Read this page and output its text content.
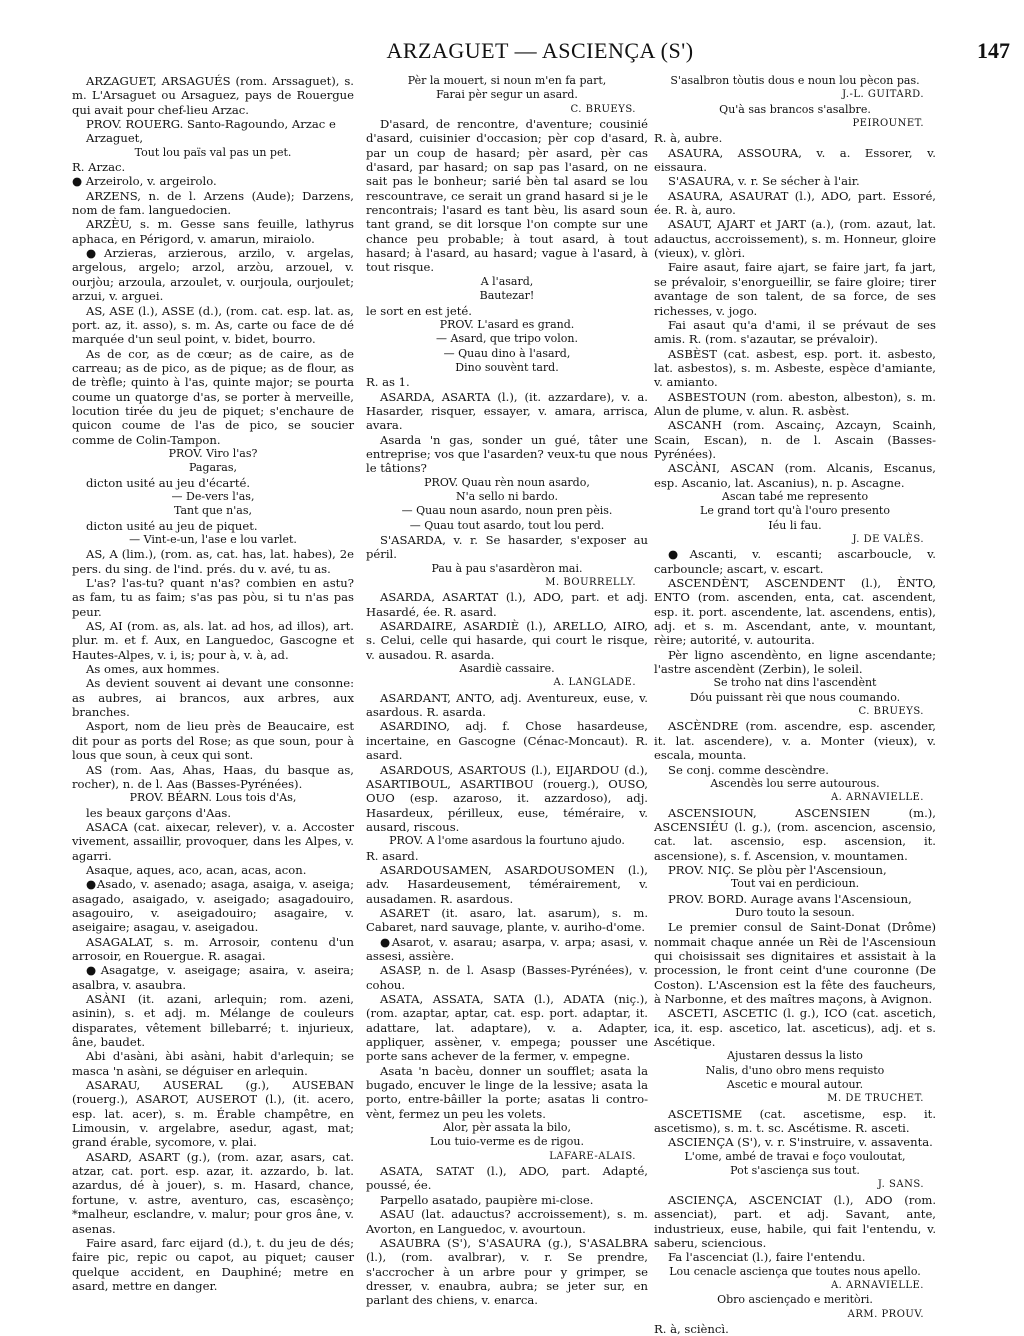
ARZAGUET — ASCIENÇA (S')	147

ARZAGUET, ARSAGUÉS (rom. Arssaguet), s. m. L'Arsaguet ou Arsaguez, pays de Rouergue qui avait pour chef-lieu Arzac.

PROV. ROUERG. Santo-Ragoundo, Arzac e Arzaguet,

Tout lou païs val pas un pet.

R. Arzac.

● Arzeirolo, v. argeirolo.

ARZENS, n. de l. Arzens (Aude); Darzens, nom de fam. languedocien.

ARZÈU, s. m. Gesse sans feuille, lathyrus aphaca, en Périgord, v. amarun, miraiolo.

●Arzieras, arzierous, arzilo, v. argelas, argelous, argelo; arzol, arzòu, arzouel, v. ourjòu; arzoula, arzoulet, v. ourjoula, ourjoulet; arzui, v. arguei.

AS, ASE (l.), ASSE (d.), (rom. cat. esp. lat. as, port. az, it. asso), s. m. As, carte ou face de dé marquée d'un seul point, v. bidet, bourro.

As de cor, as de cœur; as de caire, as de carreau; as de pico, as de pique; as de flour, as de trèfle; quinto à l'as, quinte major; se pourta coume un quatorge d'as, se porter à merveille, locution tirée du jeu de piquet; s'enchaure de quicon coume de l'as de pico, se soucier comme de Colin-Tampon.

PROV. Viro l'as?

Pagaras,

dicton usité au jeu d'écarté.

— De-vers l'as,

Tant que n'as,

dicton usité au jeu de piquet.

— Vint-e-un, l'ase e lou varlet.

AS, A (lim.), (rom. as, cat. has, lat. habes), 2e pers. du sing. de l'ind. prés. du v. avé, tu as.

L'as? l'as-tu? quant n'as? combien en astu? as fam, tu as faim; s'as pas pòu, si tu n'as pas peur.

AS, AI (rom. as, als. lat. ad hos, ad illos), art. plur. m. et f. Aux, en Languedoc, Gascogne et Hautes-Alpes, v. i, is; pour à, v. à, ad.

As omes, aux hommes.

As devient souvent ai devant une consonne: as aubres, ai brancos, aux arbres, aux branches.

Asport, nom de lieu près de Beaucaire, est dit pour as ports del Rose; as que soun, pour à lous que soun, à ceux qui sont.

AS (rom. Aas, Ahas, Haas, du basque as, rocher), n. de l. Aas (Basses-Pyrénées).

PROV. BÉARN. Lous tois d'As,

les beaux garçons d'Aas.

ASACA (cat. aixecar, relever), v. a. Accoster vivement, assaillir, provoquer, dans les Alpes, v. agarri.

Asaque, aques, aco, acan, acas, acon.

●Asado, v. asenado; asaga, asaiga, v. aseiga; asagado, asaigado, v. aseigado; asagadouiro, asagouiro, v. aseigadouiro; asagaire, v. aseigaire; asagau, v. aseigadou.

ASAGALAT, s. m. Arrosoir, contenu d'un arrosoir, en Rouergue. R. asagai.

●Asagatge, v. aseigage; asaira, v. aseira; asalbra, v. asaubra.

ASÀNI (it. azani, arlequin; rom. azeni, asinin), s. et adj. m. Mélange de couleurs disparates, vêtement billebarré; t. injurieux, âne, baudet.

Abi d'asàni, àbi asàni, habit d'arlequin; se masca 'n asàni, se déguiser en arlequin.

ASARAU, AUSERAL (g.), AUSEBAN (rouerg.), ASAROT, AUSEROT (l.), (it. acero, esp. lat. acer), s. m. Érable champêtre, en Limousin, v. argelabre, asedur, agast, mat; grand érable, sycomore, v. plai.

ASARD, ASART (g.), (rom. azar, asars, cat. atzar, cat. port. esp. azar, it. azzardo, b. lat. azardus, dé à jouer), s. m. Hasard, chance, fortune, v. astre, aventuro, cas, escasènço; *malheur, esclandre, v. malur; pour gros âne, v. asenas.

Faire asard, farc eijard (d.), t. du jeu de dés; faire pic, repic ou capot, au piquet; causer quelque accident, en Dauphiné; metre en asard, mettre en danger.

Pèr la mouert, si noun m'en fa part,

Farai pèr segur un asard.

C. BRUEYS.

D'asard, de rencontre, d'aventure; cousinié d'asard, cuisinier d'occasion; pèr cop d'asard, par un coup de hasard; pèr asard, pèr cas d'asard, par hasard; on sap pas l'asard, on ne sait pas le bonheur; sarié bèn tal asard se lou rescountrave, ce serait un grand hasard si je le rencontrais; l'asard es tant bèu, lis asard soun tant grand, se dit lorsque l'on compte sur une chance peu probable; à tout asard, à tout hasard; à l'asard, au hasard; vague à l'asard, à tout risque.

A l'asard,

Bautezar!

le sort en est jeté.

PROV. L'asard es grand.

— Asard, que tripo volon.

— Quau dino à l'asard,

Dino souvènt tard.

R. as 1.

ASARDA, ASARTA (l.), (it. azzardare), v. a. Hasarder, risquer, essayer, v. amara, arrisca, avara.

Asarda 'n gas, sonder un gué, tâter une entreprise; vos que l'asarden? veux-tu que nous le tâtions?

PROV. Quau rèn noun asardo,

N'a sello ni bardo.

— Quau noun asardo, noun pren pèis.

— Quau tout asardo, tout lou perd.

S'ASARDA, v. r. Se hasarder, s'exposer au péril.

Pau à pau s'asardèron mai.

M. BOURRELLY.

ASARDA, ASARTAT (l.), ADO, part. et adj. Hasardé, ée. R. asard.

ASARDAIRE, ASARDIÈ (l.), ARELLO, AIRO, s. Celui, celle qui hasarde, qui court le risque, v. ausadou. R. asarda.

Asardiè cassaire.

A. LANGLADE.

ASARDANT, ANTO, adj. Aventureux, euse, v. asardous. R. asarda.

ASARDINO, adj. f. Chose hasardeuse, incertaine, en Gascogne (Cénac-Moncaut). R. asard.

ASARDOUS, ASARTOUS (l.), EIJARDOU (d.), ASARTIBOUL, ASARTIBOU (rouerg.), OUSO, OUO (esp. azaroso, it. azzardoso), adj. Hasardeux, périlleux, euse, téméraire, v. ausard, riscous.

PROV. A l'ome asardous la fourtuno ajudo.

R. asard.

ASARDOUSAMEN, ASARDOUSOMEN (l.), adv. Hasardeusement, témérairement, v. ausadamen. R. asardous.

ASARET (it. asaro, lat. asarum), s. m. Cabaret, nard sauvage, plante, v. auriho-d'ome.

●Asarot, v. asarau; asarpa, v. arpa; asasi, v. assesi, assière.

ASASP, n. de l. Asasp (Basses-Pyrénées), v. cohou.

ASATA, ASSATA, SATA (l.), ADATA (niç.), (rom. azaptar, aptar, cat. esp. port. adaptar, it. adattare, lat. adaptare), v. a. Adapter, appliquer, assèner, v. empega; pousser une porte sans achever de la fermer, v. empegne.

Asata 'n bacèu, donner un soufflet; asata la bugado, encuver le linge de la lessive; asata la porto, entre-bâiller la porte; asatas li contro-vènt, fermez un peu les volets.

Alor, pèr assata la bilo,

Lou tuio-verme es de rigou.

LAFARE-ALAIS.

ASATA, SATAT (l.), ADO, part. Adapté, poussé, ée.

Parpello asatado, paupière mi-close.

ASAU (lat. adauctus? accroissement), s. m. Avorton, en Languedoc, v. avourtoun.

ASAUBRA (S'), S'ASAURA (g.), S'ASALBRA (l.), (rom. avalbrar), v. r. Se prendre, s'accrocher à un arbre pour y grimper, se dresser, v. enaubra, aubra; se jeter sur, en parlant des chiens, v. enarca.

S'asalbron tòutis dous e noun lou pècon pas.

J.-L. GUITARD.

Qu'à sas brancos s'asalbre.

PEIROUNET.

R. à, aubre.

ASAURA, ASSOURA, v. a. Essorer, v. eissaura.

S'ASAURA, v. r. Se sécher à l'air.

ASAURA, ASAURAT (l.), ADO, part. Essoré, ée. R. à, auro.

ASAUT, AJART et JART (a.), (rom. azaut, lat. adauctus, accroissement), s. m. Honneur, gloire (vieux), v. glòri.

Faire asaut, faire ajart, se faire jart, fa jart, se prévaloir, s'enorgueillir, se faire gloire; tirer avantage de son talent, de sa force, de ses richesses, v. jogo.

Fai asaut qu'a d'ami, il se prévaut de ses amis. R. (rom. s'azautar, se prévaloir).

ASBÈST (cat. asbest, esp. port. it. asbesto, lat. asbestos), s. m. Asbeste, espèce d'amiante, v. amianto.

ASBESTOUN (rom. abeston, albeston), s. m. Alun de plume, v. alun. R. asbèst.

ASCANH (rom. Ascainç, Azcayn, Scainh, Scain, Escan), n. de l. Ascain (Basses-Pyrénées).

ASCÀNI, ASCAN (rom. Alcanis, Escanus, esp. Ascanio, lat. Ascanius), n. p. Ascagne.

Ascan tabé me represento

Le grand tort qu'à l'ouro presento

Iéu li fau.

J. DE VALÈS.

●Ascanti, v. escanti; ascarboucle, v. carbouncle; ascart, v. escart.

ASCENDÈNT, ASCENDENT (l.), ÈNTO, ENTO (rom. ascenden, enta, cat. ascendent, esp. it. port. ascendente, lat. ascendens, entis), adj. et s. m. Ascendant, ante, v. mountant, rèire; autorité, v. autourita.

Pèr ligno ascendènto, en ligne ascendante; l'astre ascendènt (Zerbin), le soleil.

Se troho nat dins l'ascendènt

Dóu puissant rèi que nous coumando.

C. BRUEYS.

ASCÈNDRE (rom. ascendre, esp. ascender, it. lat. ascendere), v. a. Monter (vieux), v. escala, mounta.

Se conj. comme descèndre.

Ascendès lou serre autourous.

A. ARNAVIELLE.

ASCENSIOUN, ASCENSIEN (m.), ASCENSIÉU (l. g.), (rom. ascencion, ascensio, cat. lat. ascensio, esp. ascension, it. ascensione), s. f. Ascension, v. mountamen.

PROV. NIÇ. Se plòu pèr l'Ascensioun,

Tout vai en perdicioun.

PROV. BORD. Aurage avans l'Ascensioun,

Duro touto la sesoun.

Le premier consul de Saint-Donat (Drôme) nommait chaque année un Rèi de l'Ascensioun qui choisissait ses dignitaires et assistait à la procession, le front ceint d'une couronne (De Coston). L'Ascension est la fête des faucheurs, à Narbonne, et des maîtres maçons, à Avignon.

ASCETI, ASCETIC (l. g.), ICO (cat. ascetich, ica, it. esp. ascetico, lat. asceticus), adj. et s. Ascétique.

Ajustaren dessus la listo

Nalis, d'uno obro mens requisto

Ascetic e moural autour.

M. DE TRUCHET.

ASCETISME (cat. ascetisme, esp. it. ascetismo), s. m. t. sc. Ascétisme. R. asceti.

ASCIENÇA (S'), v. r. S'instruire, v. assaventa.

L'ome, ambé de travai e foço vouloutat,

Pot s'asciença sus tout.

J. SANS.

ASCIENÇA, ASCENCIAT (l.), ADO (rom. assenciat), part. et adj. Savant, ante, industrieux, euse, habile, qui fait l'entendu, v. saberu, sciencious.

Fa l'ascenciat (l.), faire l'entendu.

Lou cenacle asciença que toutes nous apello.

A. ARNAVIELLE.

Obro asciençado e meritòri.

ARM. PROUV.

R. à, scièncì.
